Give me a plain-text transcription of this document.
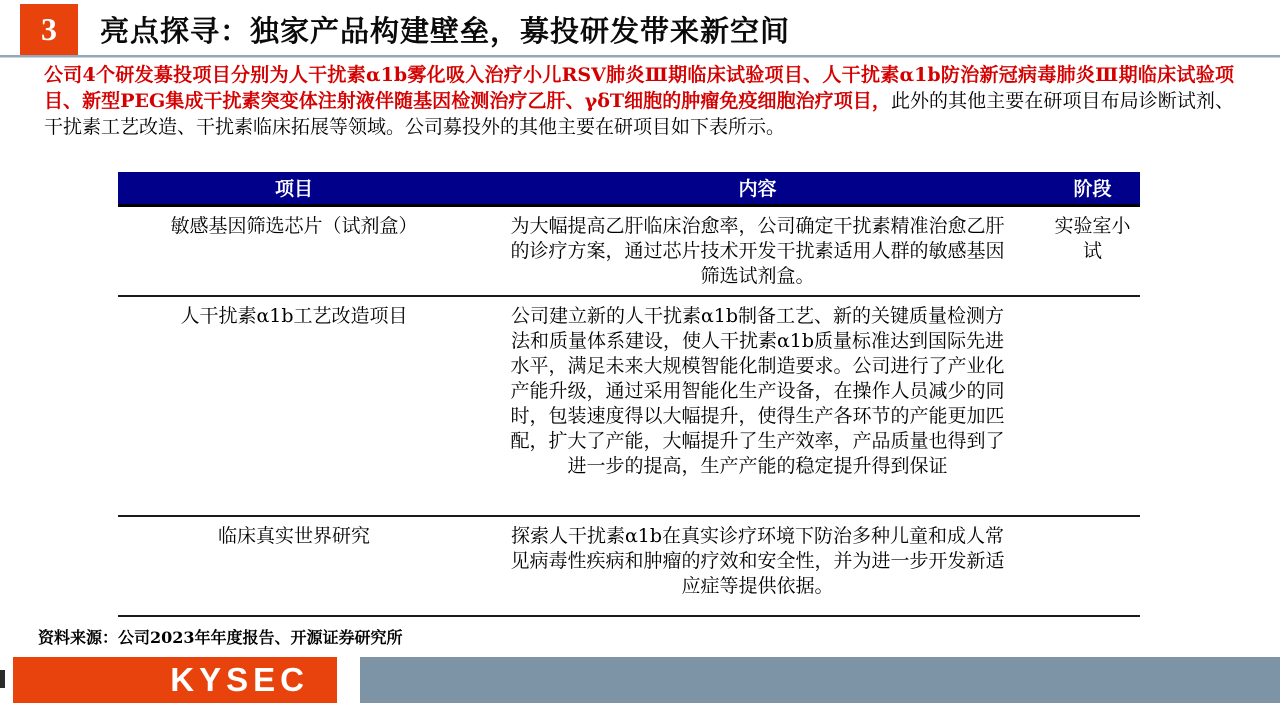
3 亮点探寻：独家产品构建壁垒，募投研发带来新空间

公司4个研发募投项目分别为人干扰素α1b雾化吸入治疗小儿RSV肺炎Ⅲ期临床试验项目、人干扰素α1b防治新冠病毒肺炎Ⅲ期临床试验项目、新型PEG集成干扰素突变体注射液伴随基因检测治疗乙肝、γδT细胞的肿瘤免疫细胞治疗项目，此外的其他主要在研项目布局诊断试剂、干扰素工艺改造、干扰素临床拓展等领域。公司募投外的其他主要在研项目如下表所示。

项目	内容	阶段
敏感基因筛选芯片（试剂盒）	为大幅提高乙肝临床治愈率，公司确定干扰素精准治愈乙肝的诊疗方案，通过芯片技术开发干扰素适用人群的敏感基因筛选试剂盒。	实验室小试
人干扰素α1b工艺改造项目	公司建立新的人干扰素α1b制备工艺、新的关键质量检测方法和质量体系建设，使人干扰素α1b质量标准达到国际先进水平，满足未来大规模智能化制造要求。公司进行了产业化产能升级，通过采用智能化生产设备，在操作人员减少的同时，包装速度得以大幅提升，使得生产各环节的产能更加匹配，扩大了产能，大幅提升了生产效率，产品质量也得到了进一步的提高，生产产能的稳定提升得到保证	
临床真实世界研究	探索人干扰素α1b在真实诊疗环境下防治多种儿童和成人常见病毒性疾病和肿瘤的疗效和安全性，并为进一步开发新适应症等提供依据。	
资料来源：公司2023年年度报告、开源证券研究所
KYSEC
